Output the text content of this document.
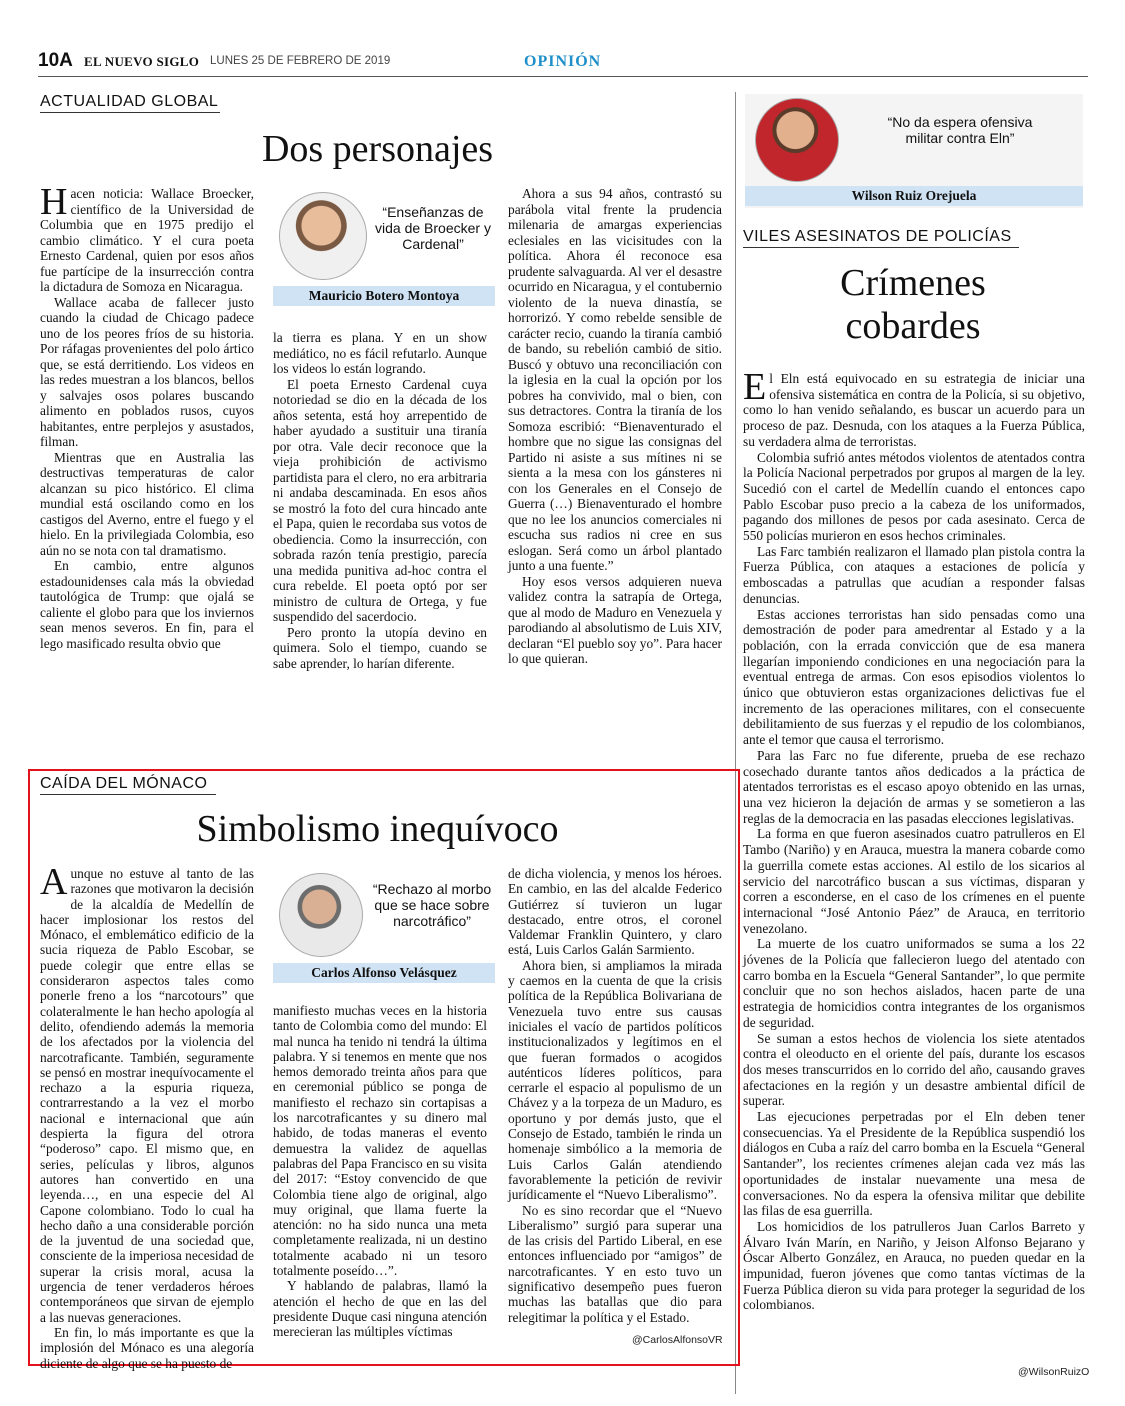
10A EL NUEVO SIGLO LUNES 25 DE FEBRERO DE 2019	OPINIÓN
ACTUALIDAD GLOBAL
Dos personajes

Hacen noticia: Wallace Broecker, científico de la Universidad de Columbia que en 1975 predijo el cambio climático. Y el cura poeta Ernesto Cardenal, quien por esos años fue partícipe de la insurrección contra la dictadura de Somoza en Nicaragua.

Wallace acaba de fallecer justo cuando la ciudad de Chicago padece uno de los peores fríos de su historia. Por ráfagas provenientes del polo ártico que, se está derritiendo. Los videos en las redes muestran a los blancos, bellos y salvajes osos polares buscando alimento en poblados rusos, cuyos habitantes, entre perplejos y asustados, filman.

Mientras que en Australia las destructivas temperaturas de calor alcanzan su pico histórico. El clima mundial está oscilando como en los castigos del Averno, entre el fuego y el hielo. En la privilegiada Colombia, eso aún no se nota con tal dramatismo.

En cambio, entre algunos estadounidenses cala más la obviedad tautológica de Trump: que ojalá se caliente el globo para que los inviernos sean menos severos. En fin, para el lego masificado resulta obvio que

“Enseñanzas de vida de Broecker y Cardenal”
Mauricio Botero Montoya

la tierra es plana. Y en un show mediático, no es fácil refutarlo. Aunque los videos lo están logrando.

El poeta Ernesto Cardenal cuya notoriedad se dio en la década de los años setenta, está hoy arrepentido de haber ayudado a sustituir una tiranía por otra. Vale decir reconoce que la vieja prohibición de activismo partidista para el clero, no era arbitraria ni andaba descaminada. En esos años se mostró la foto del cura hincado ante el Papa, quien le recordaba sus votos de obediencia. Como la insurrección, con sobrada razón tenía prestigio, parecía una medida punitiva ad-hoc contra el cura rebelde. El poeta optó por ser ministro de cultura de Ortega, y fue suspendido del sacerdocio.

Pero pronto la utopía devino en quimera. Solo el tiempo, cuando se sabe aprender, lo harían diferente.

Ahora a sus 94 años, contrastó su parábola vital frente la prudencia milenaria de amargas experiencias eclesiales en las vicisitudes con la política. Ahora él reconoce esa prudente salvaguarda. Al ver el desastre ocurrido en Nicaragua, y el contubernio violento de la nueva dinastía, se horrorizó. Y como rebelde sensible de carácter recio, cuando la tiranía cambió de bando, su rebelión cambió de sitio. Buscó y obtuvo una reconciliación con la iglesia en la cual la opción por los pobres ha convivido, mal o bien, con sus detractores. Contra la tiranía de los Somoza escribió: “Bienaventurado el hombre que no sigue las consignas del Partido ni asiste a sus mítines ni se sienta a la mesa con los gánsteres ni con los Generales en el Consejo de Guerra (…) Bienaventurado el hombre que no lee los anuncios comerciales ni escucha sus radios ni cree en sus eslogan. Será como un árbol plantado junto a una fuente.”

Hoy esos versos adquieren nueva validez contra la satrapía de Ortega, que al modo de Maduro en Venezuela y parodiando al absolutismo de Luis XIV, declaran “El pueblo soy yo”. Para hacer lo que quieran.

“No da espera ofensiva militar contra Eln”
Wilson Ruiz Orejuela
VILES ASESINATOS DE POLICÍAS
Crímenes
cobardes

El Eln está equivocado en su estrategia de iniciar una ofensiva sistemática en contra de la Policía, si su objetivo, como lo han venido señalando, es buscar un acuerdo para un proceso de paz. Desnuda, con los ataques a la Fuerza Pública, su verdadera alma de terroristas.

Colombia sufrió antes métodos violentos de atentados contra la Policía Nacional perpetrados por grupos al margen de la ley. Sucedió con el cartel de Medellín cuando el entonces capo Pablo Escobar puso precio a la cabeza de los uniformados, pagando dos millones de pesos por cada asesinato. Cerca de 550 policías murieron en esos hechos criminales.

Las Farc también realizaron el llamado plan pistola contra la Fuerza Pública, con ataques a estaciones de policía y emboscadas a patrullas que acudían a responder falsas denuncias.

Estas acciones terroristas han sido pensadas como una demostración de poder para amedrentar al Estado y a la población, con la errada convicción que de esa manera llegarían imponiendo condiciones en una negociación para la eventual entrega de armas. Con esos episodios violentos lo único que obtuvieron estas organizaciones delictivas fue el incremento de las operaciones militares, con el consecuente debilitamiento de sus fuerzas y el repudio de los colombianos, ante el temor que causa el terrorismo.

Para las Farc no fue diferente, prueba de ese rechazo cosechado durante tantos años dedicados a la práctica de atentados terroristas es el escaso apoyo obtenido en las urnas, una vez hicieron la dejación de armas y se sometieron a las reglas de la democracia en las pasadas elecciones legislativas.

La forma en que fueron asesinados cuatro patrulleros en El Tambo (Nariño) y en Arauca, muestra la manera cobarde como la guerrilla comete estas acciones. Al estilo de los sicarios al servicio del narcotráfico buscan a sus víctimas, disparan y corren a esconderse, en el caso de los crímenes en el puente internacional “José Antonio Páez” de Arauca, en territorio venezolano.

La muerte de los cuatro uniformados se suma a los 22 jóvenes de la Policía que fallecieron luego del atentado con carro bomba en la Escuela “General Santander”, lo que permite concluir que no son hechos aislados, hacen parte de una estrategia de homicidios contra integrantes de los organismos de seguridad.

Se suman a estos hechos de violencia los siete atentados contra el oleoducto en el oriente del país, durante los escasos dos meses transcurridos en lo corrido del año, causando graves afectaciones en la región y un desastre ambiental difícil de superar.

Las ejecuciones perpetradas por el Eln deben tener consecuencias. Ya el Presidente de la República suspendió los diálogos en Cuba a raíz del carro bomba en la Escuela “General Santander”, los recientes crímenes alejan cada vez más las oportunidades de instalar nuevamente una mesa de conversaciones. No da espera la ofensiva militar que debilite las filas de esa guerrilla.

Los homicidios de los patrulleros Juan Carlos Barreto y Álvaro Iván Marín, en Nariño, y Jeison Alfonso Bejarano y Óscar Alberto González, en Arauca, no pueden quedar en la impunidad, fueron jóvenes que como tantas víctimas de la Fuerza Pública dieron su vida para proteger la seguridad de los colombianos.

@WilsonRuizO
CAÍDA DEL MÓNACO
Simbolismo inequívoco

Aunque no estuve al tanto de las razones que motivaron la decisión de la alcaldía de Medellín de hacer implosionar los restos del Mónaco, el emblemático edificio de la sucia riqueza de Pablo Escobar, se puede colegir que entre ellas se consideraron aspectos tales como ponerle freno a los “narcotours” que colateralmente le han hecho apología al delito, ofendiendo además la memoria de los afectados por la violencia del narcotraficante. También, seguramente se pensó en mostrar inequívocamente el rechazo a la espuria riqueza, contrarrestando a la vez el morbo nacional e internacional que aún despierta la figura del otrora “poderoso” capo. El mismo que, en series, películas y libros, algunos autores han convertido en una leyenda…, en una especie del Al Capone colombiano. Todo lo cual ha hecho daño a una considerable porción de la juventud de una sociedad que, consciente de la imperiosa necesidad de superar la crisis moral, acusa la urgencia de tener verdaderos héroes contemporáneos que sirvan de ejemplo a las nuevas generaciones.

En fin, lo más importante es que la implosión del Mónaco es una alegoría diciente de algo que se ha puesto de

“Rechazo al morbo que se hace sobre narcotráfico”
Carlos Alfonso Velásquez

manifiesto muchas veces en la historia tanto de Colombia como del mundo: El mal nunca ha tenido ni tendrá la última palabra. Y si tenemos en mente que nos hemos demorado treinta años para que en ceremonial público se ponga de manifiesto el rechazo sin cortapisas a los narcotraficantes y su dinero mal habido, de todas maneras el evento demuestra la validez de aquellas palabras del Papa Francisco en su visita del 2017: “Estoy convencido de que Colombia tiene algo de original, algo muy original, que llama fuerte la atención: no ha sido nunca una meta completamente realizada, ni un destino totalmente acabado ni un tesoro totalmente poseído…”.

Y hablando de palabras, llamó la atención el hecho de que en las del presidente Duque casi ninguna atención merecieran las múltiples víctimas

de dicha violencia, y menos los héroes. En cambio, en las del alcalde Federico Gutiérrez sí tuvieron un lugar destacado, entre otros, el coronel Valdemar Franklin Quintero, y claro está, Luis Carlos Galán Sarmiento.

Ahora bien, si ampliamos la mirada y caemos en la cuenta de que la crisis política de la República Bolivariana de Venezuela tuvo entre sus causas iniciales el vacío de partidos políticos institucionalizados y legítimos en el que fueran formados o acogidos auténticos líderes políticos, para cerrarle el espacio al populismo de un Chávez y a la torpeza de un Maduro, es oportuno y por demás justo, que el Consejo de Estado, también le rinda un homenaje simbólico a la memoria de Luis Carlos Galán atendiendo favorablemente la petición de revivir jurídicamente el “Nuevo Liberalismo”.

No es sino recordar que el “Nuevo Liberalismo” surgió para superar una de las crisis del Partido Liberal, en ese entonces influenciado por “amigos” de narcotraficantes. Y en esto tuvo un significativo desempeño pues fueron muchas las batallas que dio para relegitimar la política y el Estado.

@CarlosAlfonsoVR
